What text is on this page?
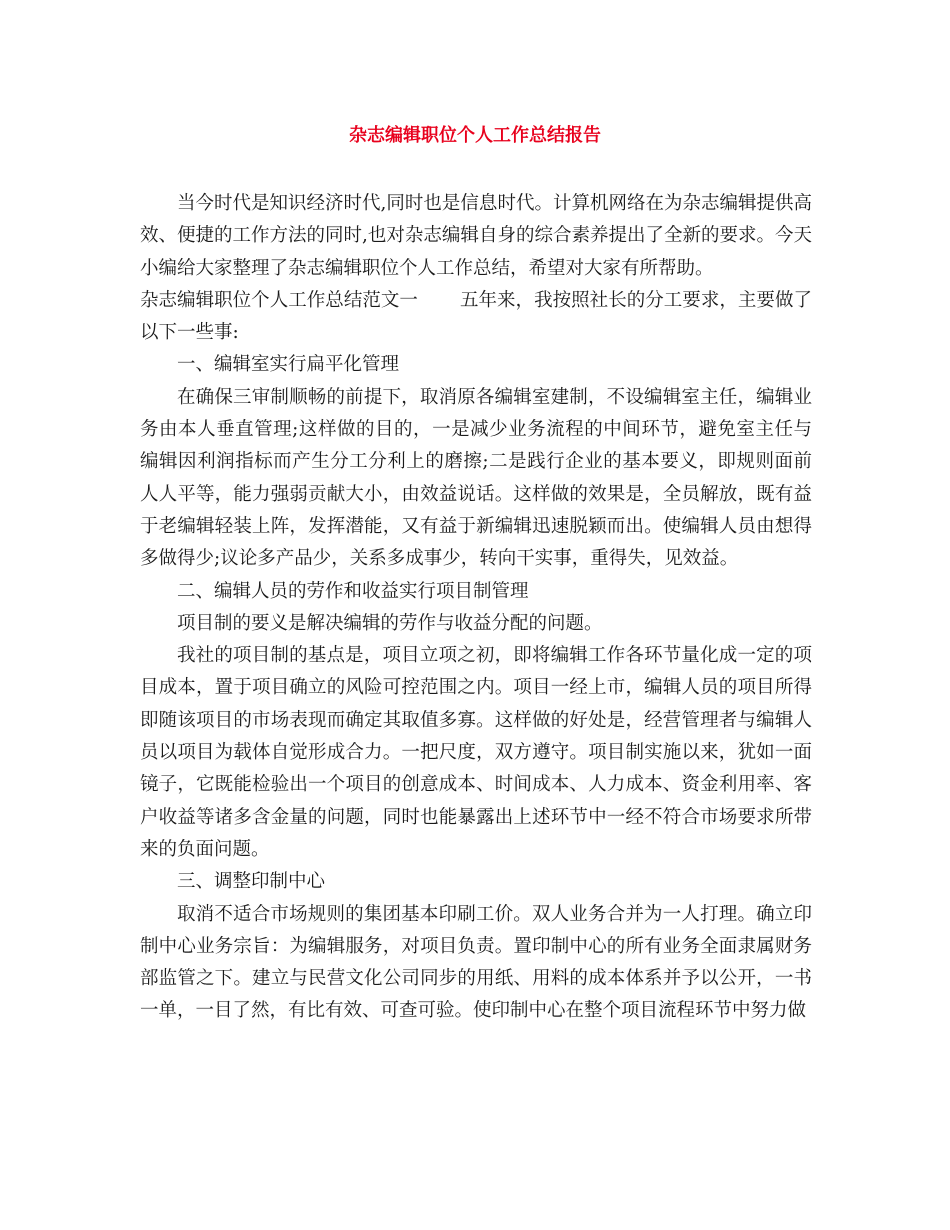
杂志编辑职位个人工作总结报告

当今时代是知识经济时代,同时也是信息时代。计算机网络在为杂志编辑提供高效、便捷的工作方法的同时,也对杂志编辑自身的综合素养提出了全新的要求。今天小编给大家整理了杂志编辑职位个人工作总结，希望对大家有所帮助。

杂志编辑职位个人工作总结范文一 五年来，我按照社长的分工要求，主要做了以下一些事:

一、编辑室实行扁平化管理

在确保三审制顺畅的前提下，取消原各编辑室建制，不设编辑室主任，编辑业务由本人垂直管理;这样做的目的，一是减少业务流程的中间环节，避免室主任与编辑因利润指标而产生分工分利上的磨擦;二是践行企业的基本要义，即规则面前人人平等，能力强弱贡献大小，由效益说话。这样做的效果是，全员解放，既有益于老编辑轻装上阵，发挥潜能，又有益于新编辑迅速脱颖而出。使编辑人员由想得多做得少;议论多产品少，关系多成事少，转向干实事，重得失，见效益。

二、编辑人员的劳作和收益实行项目制管理

项目制的要义是解决编辑的劳作与收益分配的问题。

我社的项目制的基点是，项目立项之初，即将编辑工作各环节量化成一定的项目成本，置于项目确立的风险可控范围之内。项目一经上市，编辑人员的项目所得即随该项目的市场表现而确定其取值多寡。这样做的好处是，经营管理者与编辑人员以项目为载体自觉形成合力。一把尺度，双方遵守。项目制实施以来，犹如一面镜子，它既能检验出一个项目的创意成本、时间成本、人力成本、资金利用率、客户收益等诸多含金量的问题，同时也能暴露出上述环节中一经不符合市场要求所带来的负面问题。

三、调整印制中心

取消不适合市场规则的集团基本印刷工价。双人业务合并为一人打理。确立印制中心业务宗旨：为编辑服务，对项目负责。置印制中心的所有业务全面隶属财务部监管之下。建立与民营文化公司同步的用纸、用料的成本体系并予以公开，一书一单，一目了然，有比有效、可查可验。使印制中心在整个项目流程环节中努力做
